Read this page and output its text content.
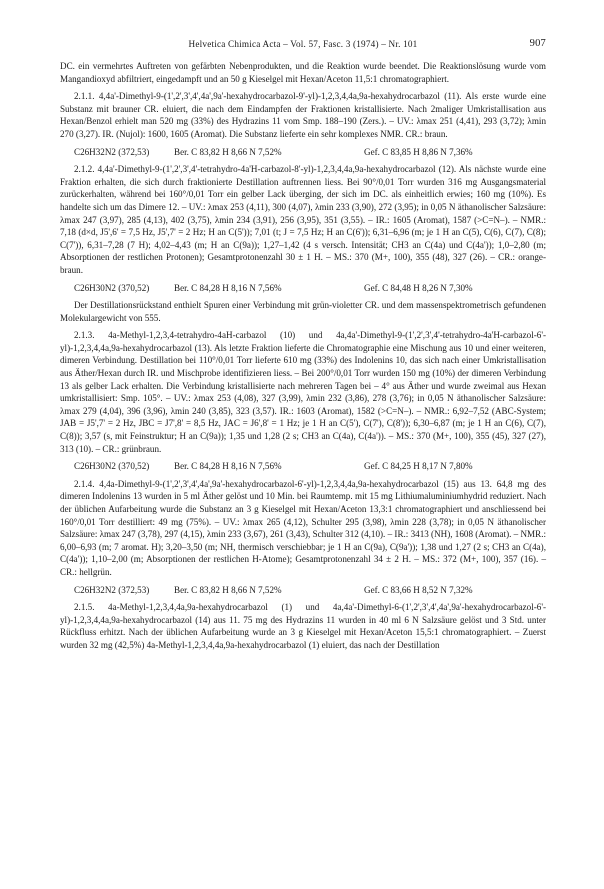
Helvetica Chimica Acta – Vol. 57, Fasc. 3 (1974) – Nr. 101	907

DC. ein vermehrtes Auftreten von gefärbten Nebenprodukten, und die Reaktion wurde beendet. Die Reaktionslösung wurde vom Mangandioxyd abfiltriert, eingedampft und an 50 g Kieselgel mit Hexan/Aceton 11,5:1 chromatographiert.

2.1.1. 4,4a'-Dimethyl-9-(1',2',3',4',4a',9a'-hexahydrocarbazol-9'-yl)-1,2,3,4,4a,9a-hexahydrocarbazol (11). Als erste wurde eine Substanz mit brauner CR. eluiert, die nach dem Eindampfen der Fraktionen kristallisierte. Nach 2maliger Umkristallisation aus Hexan/Benzol erhielt man 520 mg (33%) des Hydrazins 11 vom Smp. 188–190 (Zers.). – UV.: λmax 251 (4,41), 293 (3,72); λmin 270 (3,27). IR. (Nujol): 1600, 1605 (Aromat). Die Substanz lieferte ein sehr komplexes NMR. CR.: braun.

C26H32N2 (372,53)	Ber. C 83,82 H 8,66 N 7,52%	Gef. C 83,85 H 8,86 N 7,36%

2.1.2. 4,4a'-Dimethyl-9-(1',2',3',4'-tetrahydro-4a'H-carbazol-8'-yl)-1,2,3,4,4a,9a-hexahydrocarbazol (12). Als nächste wurde eine Fraktion erhalten, die sich durch fraktionierte Destillation auftrennen liess. Bei 90°/0,01 Torr wurden 316 mg Ausgangsmaterial zurückerhalten, während bei 160°/0,01 Torr ein gelber Lack überging, der sich im DC. als einheitlich erwies; 160 mg (10%). Es handelte sich um das Dimere 12. – UV.: λmax 253 (4,11), 300 (4,07), λmin 233 (3,90), 272 (3,95); in 0,05 N äthanolischer Salzsäure: λmax 247 (3,97), 285 (4,13), 402 (3,75), λmin 234 (3,91), 256 (3,95), 351 (3,55). – IR.: 1605 (Aromat), 1587 (>C=N–). – NMR.: 7,18 (d×d, J5',6' = 7,5 Hz, J5',7' = 2 Hz; H an C(5')); 7,01 (t; J = 7,5 Hz; H an C(6')); 6,31–6,96 (m; je 1 H an C(5), C(6), C(7), C(8); C(7')), 6,31–7,28 (7 H); 4,02–4,43 (m; H an C(9a)); 1,27–1,42 (4 s versch. Intensität; CH3 an C(4a) und C(4a')); 1,0–2,80 (m; Absorptionen der restlichen Protonen); Gesamtprotonenzahl 30 ± 1 H. – MS.: 370 (M+, 100), 355 (48), 327 (26). – CR.: orange-braun.

C26H30N2 (370,52)	Ber. C 84,28 H 8,16 N 7,56%	Gef. C 84,48 H 8,26 N 7,30%

Der Destillationsrückstand enthielt Spuren einer Verbindung mit grün-violetter CR. und dem massenspektrometrisch gefundenen Molekulargewicht von 555.

2.1.3. 4a-Methyl-1,2,3,4-tetrahydro-4aH-carbazol (10) und 4a,4a'-Dimethyl-9-(1',2',3',4'-tetrahydro-4a'H-carbazol-6'-yl)-1,2,3,4,4a,9a-hexahydrocarbazol (13). Als letzte Fraktion lieferte die Chromatographie eine Mischung aus 10 und einer weiteren, dimeren Verbindung. Destillation bei 110°/0,01 Torr lieferte 610 mg (33%) des Indolenins 10, das sich nach einer Umkristallisation aus Äther/Hexan durch IR. und Mischprobe identifizieren liess. – Bei 200°/0,01 Torr wurden 150 mg (10%) der dimeren Verbindung 13 als gelber Lack erhalten. Die Verbindung kristallisierte nach mehreren Tagen bei – 4° aus Äther und wurde zweimal aus Hexan umkristallisiert: Smp. 105°. – UV.: λmax 253 (4,08), 327 (3,99), λmin 232 (3,86), 278 (3,76); in 0,05 N äthanolischer Salzsäure: λmax 279 (4,04), 396 (3,96), λmin 240 (3,85), 323 (3,57). IR.: 1603 (Aromat), 1582 (>C=N–). – NMR.: 6,92–7,52 (ABC-System; JAB = J5',7' = 2 Hz, JBC = J7',8' = 8,5 Hz, JAC = J6',8' = 1 Hz; je 1 H an C(5'), C(7'), C(8')); 6,30–6,87 (m; je 1 H an C(6), C(7), C(8)); 3,57 (s, mit Feinstruktur; H an C(9a)); 1,35 und 1,28 (2 s; CH3 an C(4a), C(4a')). – MS.: 370 (M+, 100), 355 (45), 327 (27), 313 (10). – CR.: grünbraun.

C26H30N2 (370,52)	Ber. C 84,28 H 8,16 N 7,56%	Gef. C 84,25 H 8,17 N 7,80%

2.1.4. 4,4a-Dimethyl-9-(1',2',3',4',4a',9a'-hexahydrocarbazol-6'-yl)-1,2,3,4,4a,9a-hexahydrocarbazol (15) aus 13. 64,8 mg des dimeren Indolenins 13 wurden in 5 ml Äther gelöst und 10 Min. bei Raumtemp. mit 15 mg Lithiumaluminiumhydrid reduziert. Nach der üblichen Aufarbeitung wurde die Substanz an 3 g Kieselgel mit Hexan/Aceton 13,3:1 chromatographiert und anschliessend bei 160°/0,01 Torr destilliert: 49 mg (75%). – UV.: λmax 265 (4,12), Schulter 295 (3,98), λmin 228 (3,78); in 0,05 N äthanolischer Salzsäure: λmax 247 (3,78), 297 (4,15), λmin 233 (3,67), 261 (3,43), Schulter 312 (4,10). – IR.: 3413 (NH), 1608 (Aromat). – NMR.: 6,00–6,93 (m; 7 aromat. H); 3,20–3,50 (m; NH, thermisch verschiebbar; je 1 H an C(9a), C(9a')); 1,38 und 1,27 (2 s; CH3 an C(4a), C(4a')); 1,10–2,00 (m; Absorptionen der restlichen H-Atome); Gesamtprotonenzahl 34 ± 2 H. – MS.: 372 (M+, 100), 357 (16). – CR.: hellgrün.

C26H32N2 (372,53)	Ber. C 83,82 H 8,66 N 7,52%	Gef. C 83,66 H 8,52 N 7,32%

2.1.5. 4a-Methyl-1,2,3,4,4a,9a-hexahydrocarbazol (1) und 4a,4a'-Dimethyl-6-(1',2',3',4',4a',9a'-hexahydrocarbazol-6'-yl)-1,2,3,4,4a,9a-hexahydrocarbazol (14) aus 11. 75 mg des Hydrazins 11 wurden in 40 ml 6 N Salzsäure gelöst und 3 Std. unter Rückfluss erhitzt. Nach der üblichen Aufarbeitung wurde an 3 g Kieselgel mit Hexan/Aceton 15,5:1 chromatographiert. – Zuerst wurden 32 mg (42,5%) 4a-Methyl-1,2,3,4,4a,9a-hexahydrocarbazol (1) eluiert, das nach der Destillation
